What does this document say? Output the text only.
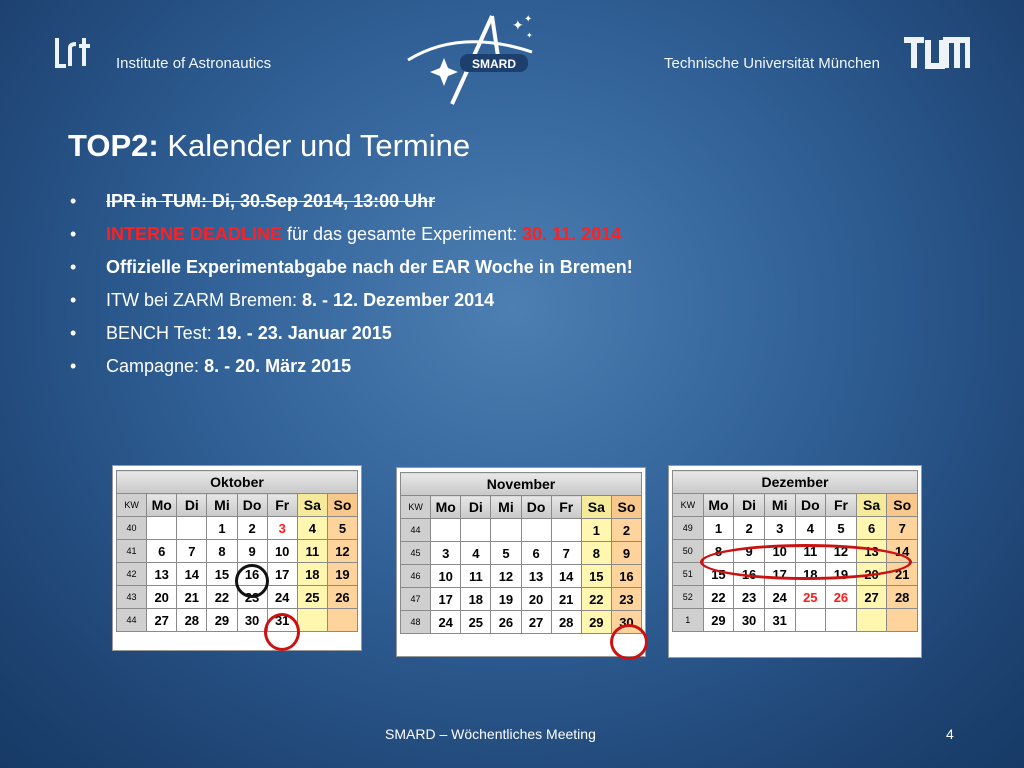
Institute of Astronautics
✦ ✦
✦
SMARD	Technische Universität München
TOP2: Kalender und Termine
• IPR in TUM: Di, 30.Sep 2014, 13:00 Uhr
• INTERNE DEADLINE für das gesamte Experiment: 30. 11. 2014
• Offizielle Experimentabgabe nach der EAR Woche in Bremen!
• ITW bei ZARM Bremen: 8. - 12. Dezember 2014
• BENCH Test: 19. - 23. Januar 2015
• Campagne: 8. - 20. März 2015
Oktober							
KW	Mo	Di	Mi	Do	Fr	Sa	So
40			1	2	3	4	5
41	6	7	8	9	10	11	12
42	13	14	15	16	17	18	19
43	20	21	22	23	24	25	26
44	27	28	29	30	31		
November							
KW	Mo	Di	Mi	Do	Fr	Sa	So
44						1	2
45	3	4	5	6	7	8	9
46	10	11	12	13	14	15	16
47	17	18	19	20	21	22	23
48	24	25	26	27	28	29	30
Dezember							
KW	Mo	Di	Mi	Do	Fr	Sa	So
49	1	2	3	4	5	6	7
50	8	9	10	11	12	13	14
51	15	16	17	18	19	20	21
52	22	23	24	25	26	27	28
1	29	30	31				
SMARD – Wöchentliches Meeting	4
